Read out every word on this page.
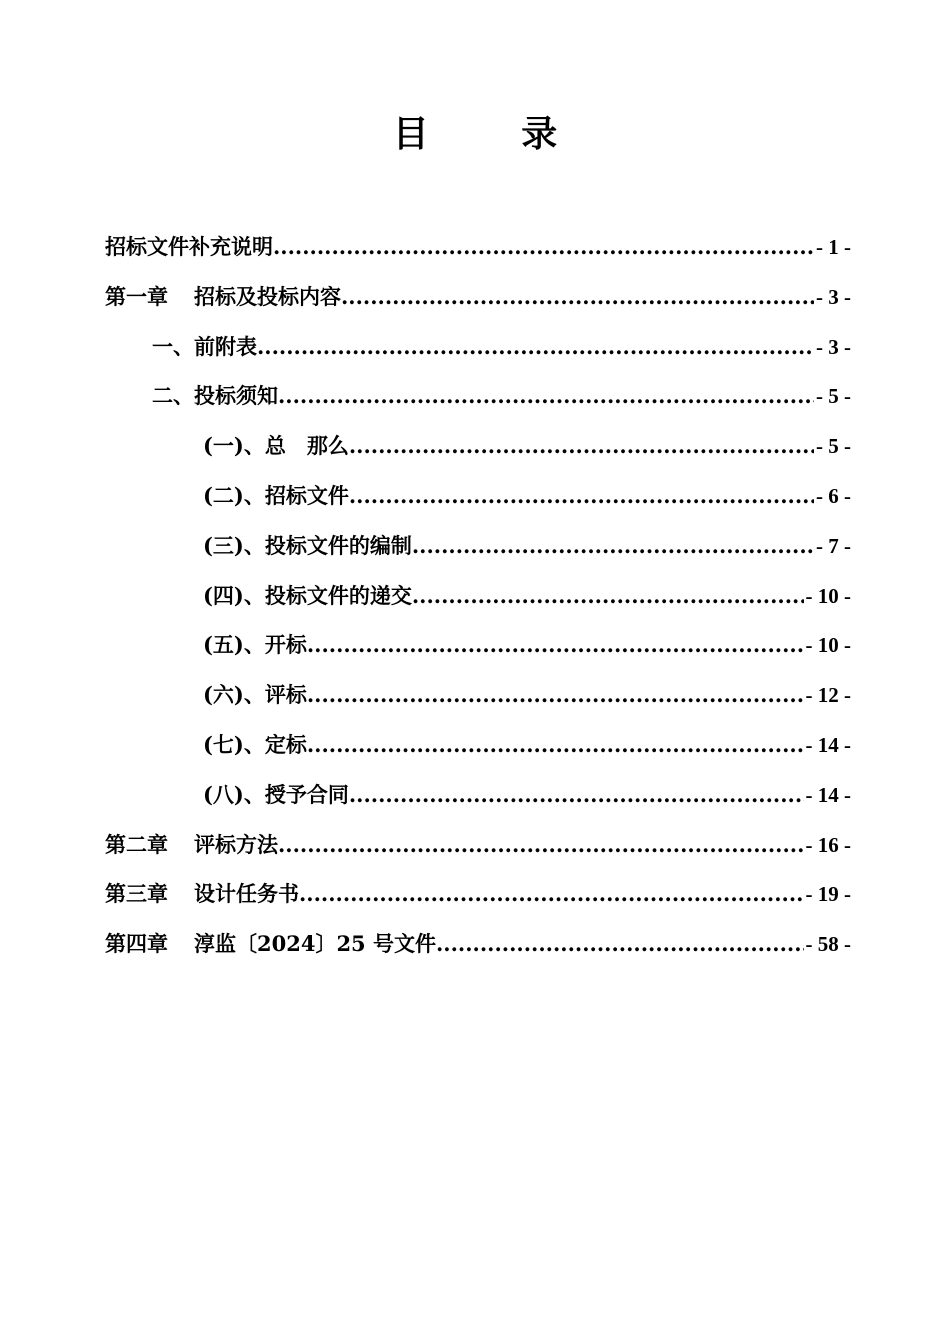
目 录
招标文件补充说明 .....	- 1 -
第一章 招标及投标内容 .....	- 3 -
一、前附表 .....	- 3 -
二、投标须知 .....	- 5 -
(一)、总　那么 .....	- 5 -
(二)、招标文件 .....	- 6 -
(三)、投标文件的编制 .....	- 7 -
(四)、投标文件的递交 .....	- 10 -
(五)、开标 .....	- 10 -
(六)、评标 .....	- 12 -
(七)、定标 .....	- 14 -
(八)、授予合同 .....	- 14 -
第二章 评标方法 .....	- 16 -
第三章 设计任务书 .....	- 19 -
第四章 淳监〔2024〕25 号文件 .....	- 58 -
